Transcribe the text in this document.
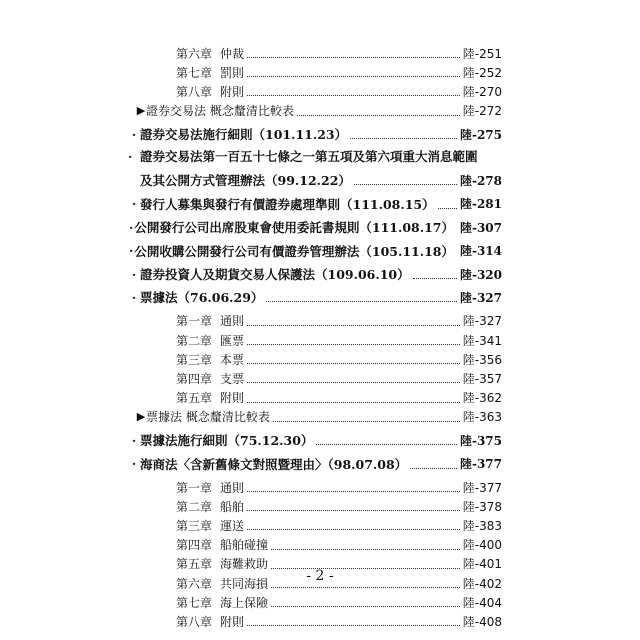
第六章 仲裁	陸-251
第七章 罰則	陸-252
第八章 附則	陸-270
▶ 證券交易法 概念釐清比較表	陸-272
· 證券交易法施行細則（101.11.23）	陸-275
證券交易法第一百五十七條之一第五項及第六項重大消息範圍
·
及其公開方式管理辦法（99.12.22）	陸-278
· 發行人募集與發行有價證券處理準則（111.08.15） 陸-281
· 公開發行公司出席股東會使用委託書規則（111.08.17） 陸-307
· 公開收購公開發行公司有價證券管理辦法（105.11.18） 陸-314
· 證券投資人及期貨交易人保護法（109.06.10）	陸-320
· 票據法（76.06.29）	陸-327
第一章 通則	陸-327
第二章 匯票	陸-341
第三章 本票	陸-356
第四章 支票	陸-357
第五章 附則	陸-362
▶ 票據法 概念釐清比較表	陸-363
· 票據法施行細則（75.12.30）	陸-375
· 海商法〈含新舊條文對照暨理由〉（98.07.08）	陸-377
第一章 通則	陸-377
第二章 船舶	陸-378
第三章 運送	陸-383
第四章 船舶碰撞	陸-400
第五章 海難救助	陸-401
第六章 共同海損	陸-402
第七章 海上保險	陸-404
第八章 附則	陸-408
- 2 -
